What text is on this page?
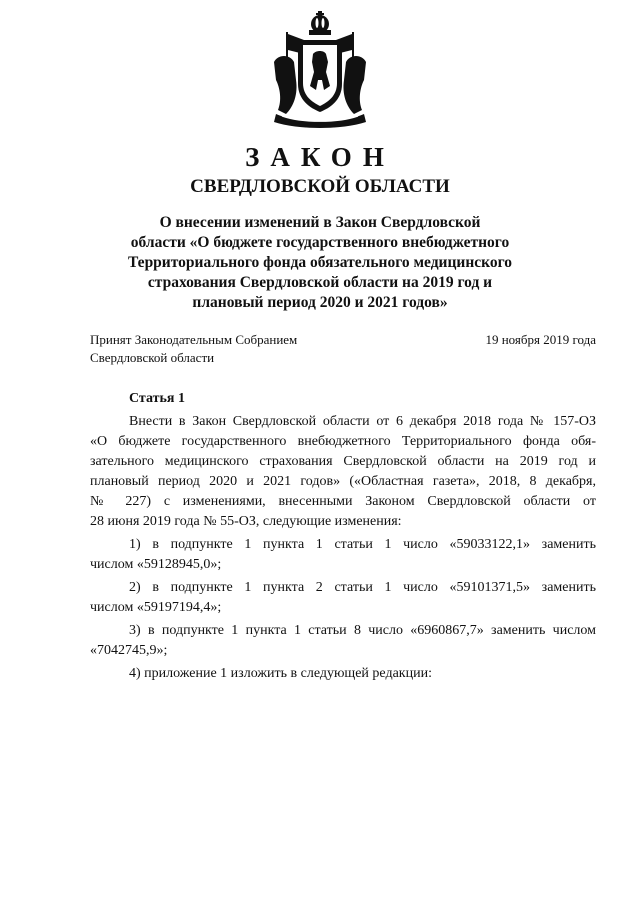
ЗАКОН
СВЕРДЛОВСКОЙ ОБЛАСТИ
О внесении изменений в Закон Свердловской
области «О бюджете государственного внебюджетного
Территориального фонда обязательного медицинского
страхования Свердловской области на 2019 год и
плановый период 2020 и 2021 годов»
Принят Законодательным Собранием
Свердловской области
19 ноября 2019 года
Статья 1
Внести в Закон Свердловской области от 6 декабря 2018 года № 157-ОЗ
«О бюджете государственного внебюджетного Территориального фонда обя-
зательного медицинского страхования Свердловской области на 2019 год и
плановый период 2020 и 2021 годов» («Областная газета», 2018, 8 декабря,
№ 227) с изменениями, внесенными Законом Свердловской области от
28 июня 2019 года № 55-ОЗ, следующие изменения:
1) в подпункте 1 пункта 1 статьи 1 число «59033122,1» заменить
числом «59128945,0»;
2) в подпункте 1 пункта 2 статьи 1 число «59101371,5» заменить
числом «59197194,4»;
3) в подпункте 1 пункта 1 статьи 8 число «6960867,7» заменить числом
«7042745,9»;
4) приложение 1 изложить в следующей редакции:
